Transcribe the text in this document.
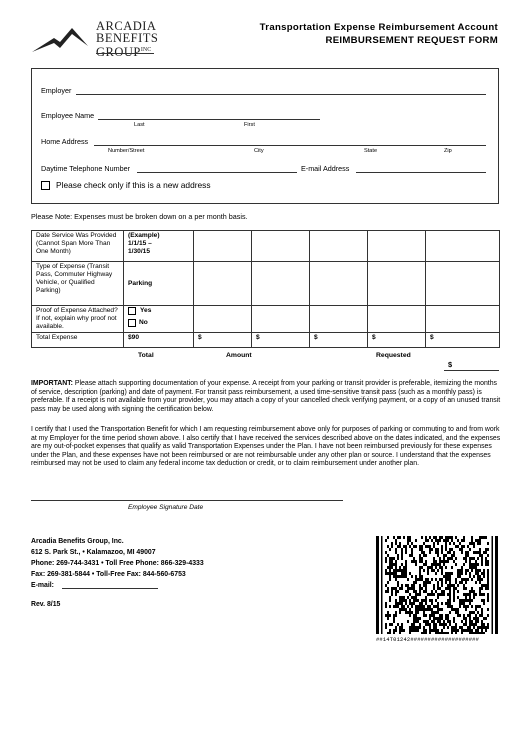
ARCADIA
BENEFITS
$GROUP^{INC}$
Transportation Expense Reimbursement Account
REIMBURSEMENT REQUEST FORM
Employer
Employee Name
Last	First
Home Address
Number/Street	City	State	Zip
Daytime Telephone Number	E-mail Address
Please check only if this is a new address
Please Note: Expenses must be broken down on a per month basis.
Date Service Was Provided (Cannot Span More Than One Month)	(Example)
1/1/15 –
1/30/15					

Type of Expense (Transit Pass, Commuter Highway Vehicle, or Qualified Parking)	Parking					
Proof of Expense Attached? If not, explain why proof not available.	Yes
No					

Total Expense	$90	$	$	$	$	$
Total	Amount	Requested
$
IMPORTANT: Please attach supporting documentation of your expense. A receipt from your parking or transit provider is preferable, itemizing the months of service, description (parking) and date of payment. For transit pass reimbursement, a used time-sensitive transit pass (such as a monthly pass) is preferable. If a receipt is not available from your provider, you may attach a copy of your cancelled check verifying payment, or a copy of an unused transit pass may be used along with signing the certification below.
I certify that I used the Transportation Benefit for which I am requesting reimbursement above only for purposes of parking or commuting to and from work at my Employer for the time period shown above. I also certify that I have received the services described above on the dates indicated, and the expenses are my out-of-pocket expenses that qualify as valid Transportation Expenses under the Plan. I have not been reimbursed previously for these expenses under the Plan, and these expenses have not been reimbursed or are not reimbursable under any other plan or source. I understand that the expenses reimbursed may not be used to claim any federal income tax deduction or credit, or to claim reimbursement under another plan.
Employee Signature Date
Arcadia Benefits Group, Inc.
612 S. Park St., • Kalamazoo, MI 49007
Phone: 269-744-3431 • Toll Free Phone: 866-329-4333
Fax: 269-381-5844 • Toll-Free Fax: 844-560-6753
E-mail:
Rev. 8/15
##14T01242####################
